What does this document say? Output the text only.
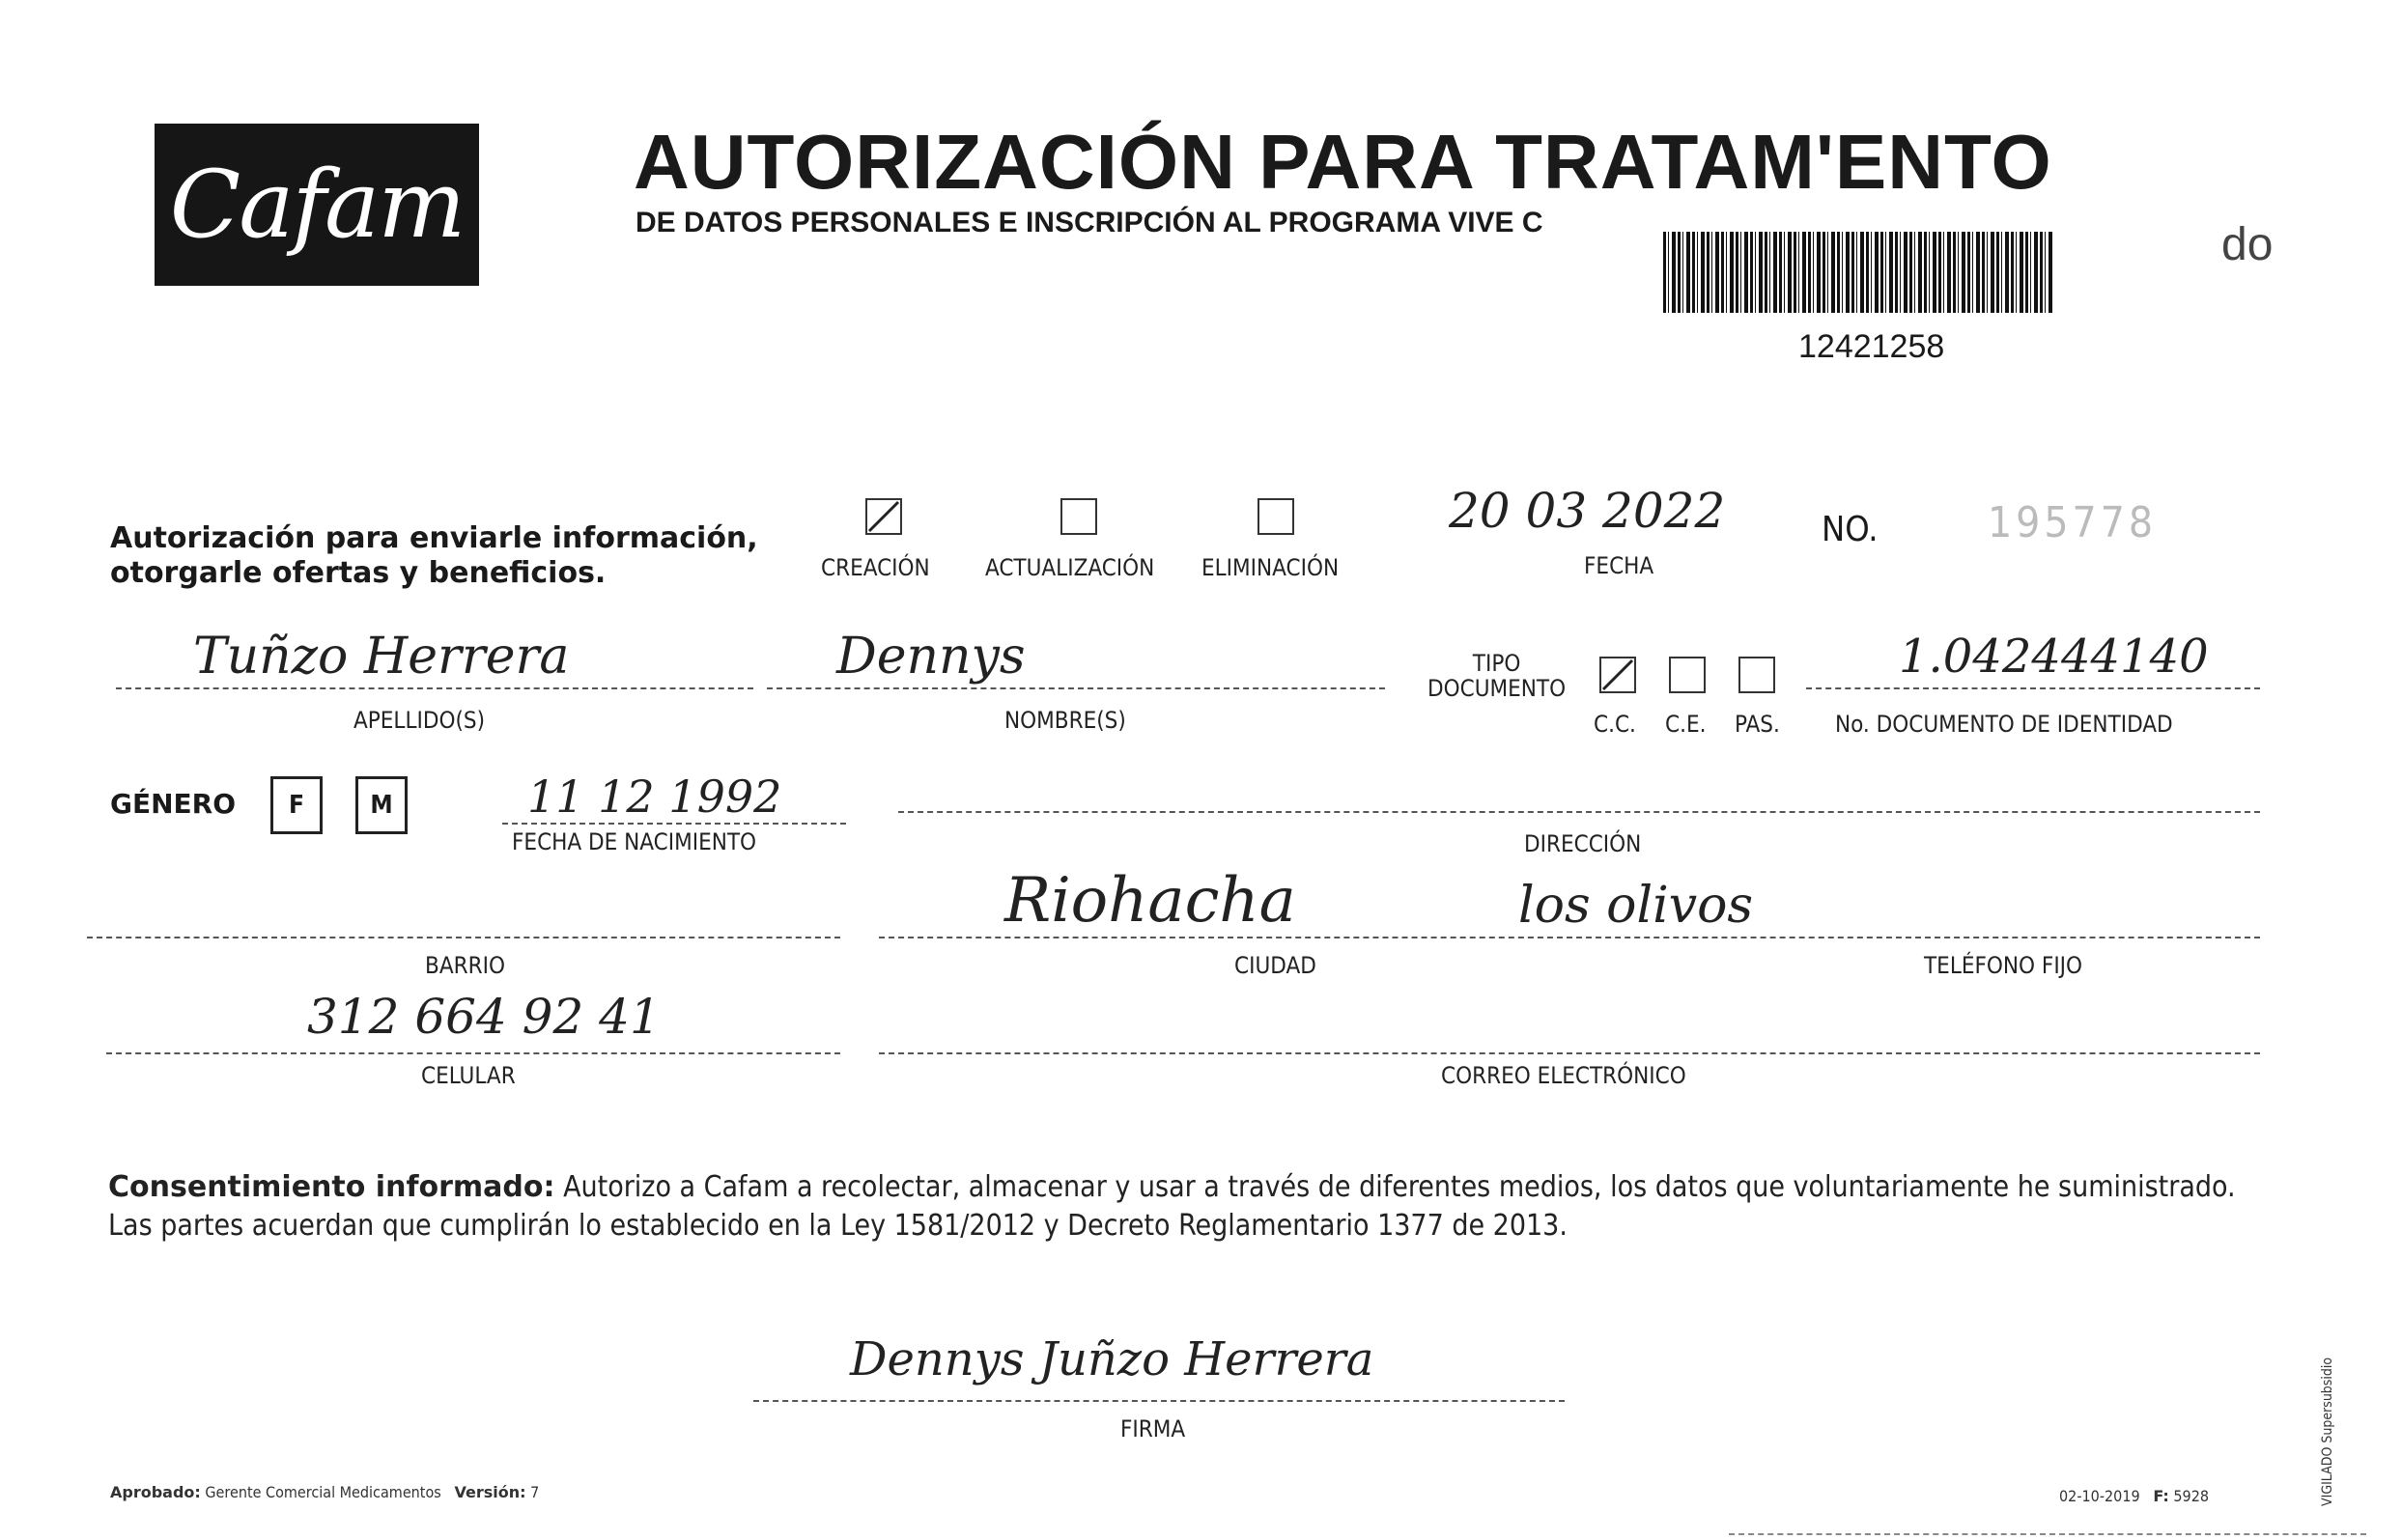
Cafam AUTORIZACIÓN PARA TRATAM'ENTO
DE DATOS PERSONALES E INSCRIPCIÓN AL PROGRAMA VIVE C
12421258
do
Autorización para enviarle información,
otorgarle ofertas y beneficios.	CREACIÓN ACTUALIZACIÓN ELIMINACIÓN
20 03 2022
FECHA
NO.	195778
Tuñzo Herrera
APELLIDO(S)
Dennys
NOMBRE(S)
TIPO
DOCUMENTO
C.C. C.E. PAS.
1.042444140
No. DOCUMENTO DE IDENTIDAD
GÉNERO F	M	11 12 1992
FECHA DE NACIMIENTO	DIRECCIÓN
BARRIO
Riohacha	los olivos
CIUDAD	TELÉFONO FIJO
312 664 92 41
CELULAR	CORREO ELECTRÓNICO
Consentimiento informado: Autorizo a Cafam a recolectar, almacenar y usar a través de diferentes medios, los datos que voluntariamente he suministrado. Las partes acuerdan que cumplirán lo establecido en la Ley 1581/2012 y Decreto Reglamentario 1377 de 2013.
Dennys Juñzo Herrera
FIRMA
Aprobado: Gerente Comercial Medicamentos Versión: 7	02-10-2019 F: 5928	VIGILADO Supersubsidio
